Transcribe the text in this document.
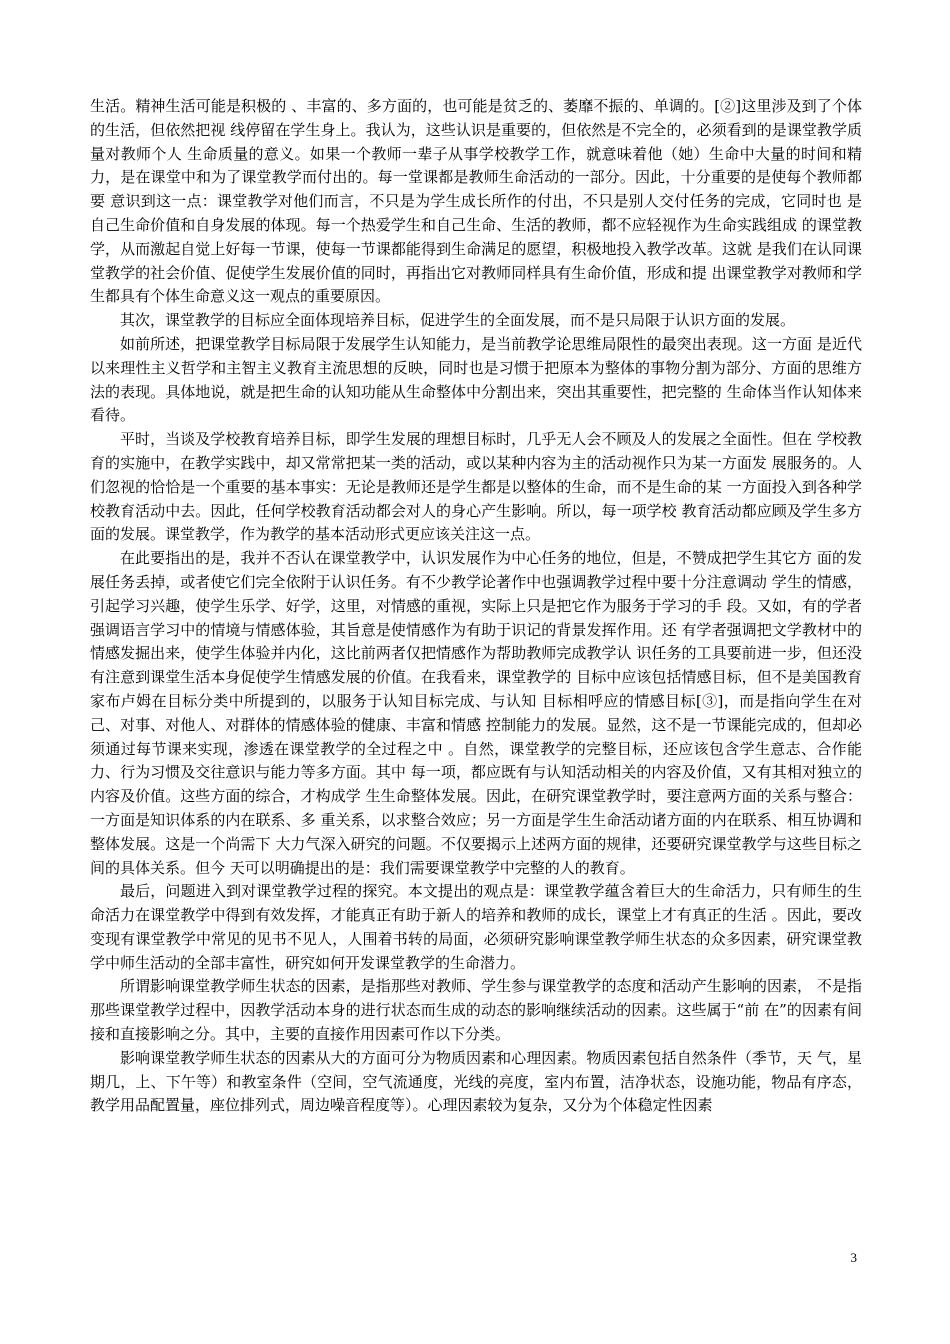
生活。精神生活可能是积极的 、丰富的、多方面的，也可能是贫乏的、萎靡不振的、单调的。[②]这里涉及到了个体的生活，但依然把视 线停留在学生身上。我认为，这些认识是重要的，但依然是不完全的，必须看到的是课堂教学质量对教师个人 生命质量的意义。如果一个教师一辈子从事学校教学工作，就意味着他（她）生命中大量的时间和精力，是在课堂中和为了课堂教学而付出的。每一堂课都是教师生命活动的一部分。因此，十分重要的是使每个教师都要 意识到这一点：课堂教学对他们而言，不只是为学生成长所作的付出，不只是别人交付任务的完成，它同时也 是自己生命价值和自身发展的体现。每一个热爱学生和自己生命、生活的教师，都不应轻视作为生命实践组成 的课堂教学，从而激起自觉上好每一节课，使每一节课都能得到生命满足的愿望，积极地投入教学改革。这就 是我们在认同课堂教学的社会价值、促使学生发展价值的同时，再指出它对教师同样具有生命价值，形成和提 出课堂教学对教师和学生都具有个体生命意义这一观点的重要原因。

其次，课堂教学的目标应全面体现培养目标，促进学生的全面发展，而不是只局限于认识方面的发展。

如前所述，把课堂教学目标局限于发展学生认知能力，是当前教学论思维局限性的最突出表现。这一方面 是近代以来理性主义哲学和主智主义教育主流思想的反映，同时也是习惯于把原本为整体的事物分割为部分、方面的思维方法的表现。具体地说，就是把生命的认知功能从生命整体中分割出来，突出其重要性，把完整的 生命体当作认知体来看待。

平时，当谈及学校教育培养目标，即学生发展的理想目标时，几乎无人会不顾及人的发展之全面性。但在 学校教育的实施中，在教学实践中，却又常常把某一类的活动，或以某种内容为主的活动视作只为某一方面发 展服务的。人们忽视的恰恰是一个重要的基本事实：无论是教师还是学生都是以整体的生命，而不是生命的某 一方面投入到各种学校教育活动中去。因此，任何学校教育活动都会对人的身心产生影响。所以，每一项学校 教育活动都应顾及学生多方面的发展。课堂教学，作为教学的基本活动形式更应该关注这一点。

在此要指出的是，我并不否认在课堂教学中，认识发展作为中心任务的地位，但是，不赞成把学生其它方 面的发展任务丢掉，或者使它们完全依附于认识任务。有不少教学论著作中也强调教学过程中要十分注意调动 学生的情感，引起学习兴趣，使学生乐学、好学，这里，对情感的重视，实际上只是把它作为服务于学习的手 段。又如，有的学者强调语言学习中的情境与情感体验，其旨意是使情感作为有助于识记的背景发挥作用。还 有学者强调把文学教材中的情感发掘出来，使学生体验并内化，这比前两者仅把情感作为帮助教师完成教学认 识任务的工具要前进一步，但还没有注意到课堂生活本身促使学生情感发展的价值。在我看来，课堂教学的 目标中应该包括情感目标，但不是美国教育家布卢姆在目标分类中所提到的，以服务于认知目标完成、与认知 目标相呼应的情感目标[③]，而是指向学生在对己、对事、对他人、对群体的情感体验的健康、丰富和情感 控制能力的发展。显然，这不是一节课能完成的，但却必须通过每节课来实现，渗透在课堂教学的全过程之中 。自然，课堂教学的完整目标，还应该包含学生意志、合作能力、行为习惯及交往意识与能力等多方面。其中 每一项，都应既有与认知活动相关的内容及价值，又有其相对独立的内容及价值。这些方面的综合，才构成学 生生命整体发展。因此，在研究课堂教学时，要注意两方面的关系与整合：一方面是知识体系的内在联系、多 重关系，以求整合效应；另一方面是学生生命活动诸方面的内在联系、相互协调和整体发展。这是一个尚需下 大力气深入研究的问题。不仅要揭示上述两方面的规律，还要研究课堂教学与这些目标之间的具体关系。但今 天可以明确提出的是：我们需要课堂教学中完整的人的教育。

最后，问题进入到对课堂教学过程的探究。本文提出的观点是：课堂教学蕴含着巨大的生命活力，只有师生的生命活力在课堂教学中得到有效发挥，才能真正有助于新人的培养和教师的成长，课堂上才有真正的生活 。因此，要改变现有课堂教学中常见的见书不见人，人围着书转的局面，必须研究影响课堂教学师生状态的众多因素，研究课堂教学中师生活动的全部丰富性，研究如何开发课堂教学的生命潜力。

所谓影响课堂教学师生状态的因素，是指那些对教师、学生参与课堂教学的态度和活动产生影响的因素， 不是指那些课堂教学过程中，因教学活动本身的进行状态而生成的动态的影响继续活动的因素。这些属于“前 在”的因素有间接和直接影响之分。其中，主要的直接作用因素可作以下分类。

影响课堂教学师生状态的因素从大的方面可分为物质因素和心理因素。物质因素包括自然条件（季节，天 气，星期几，上、下午等）和教室条件（空间，空气流通度，光线的亮度，室内布置，洁净状态，设施功能，物品有序态，教学用品配置量，座位排列式，周边噪音程度等）。心理因素较为复杂，又分为个体稳定性因素

3
